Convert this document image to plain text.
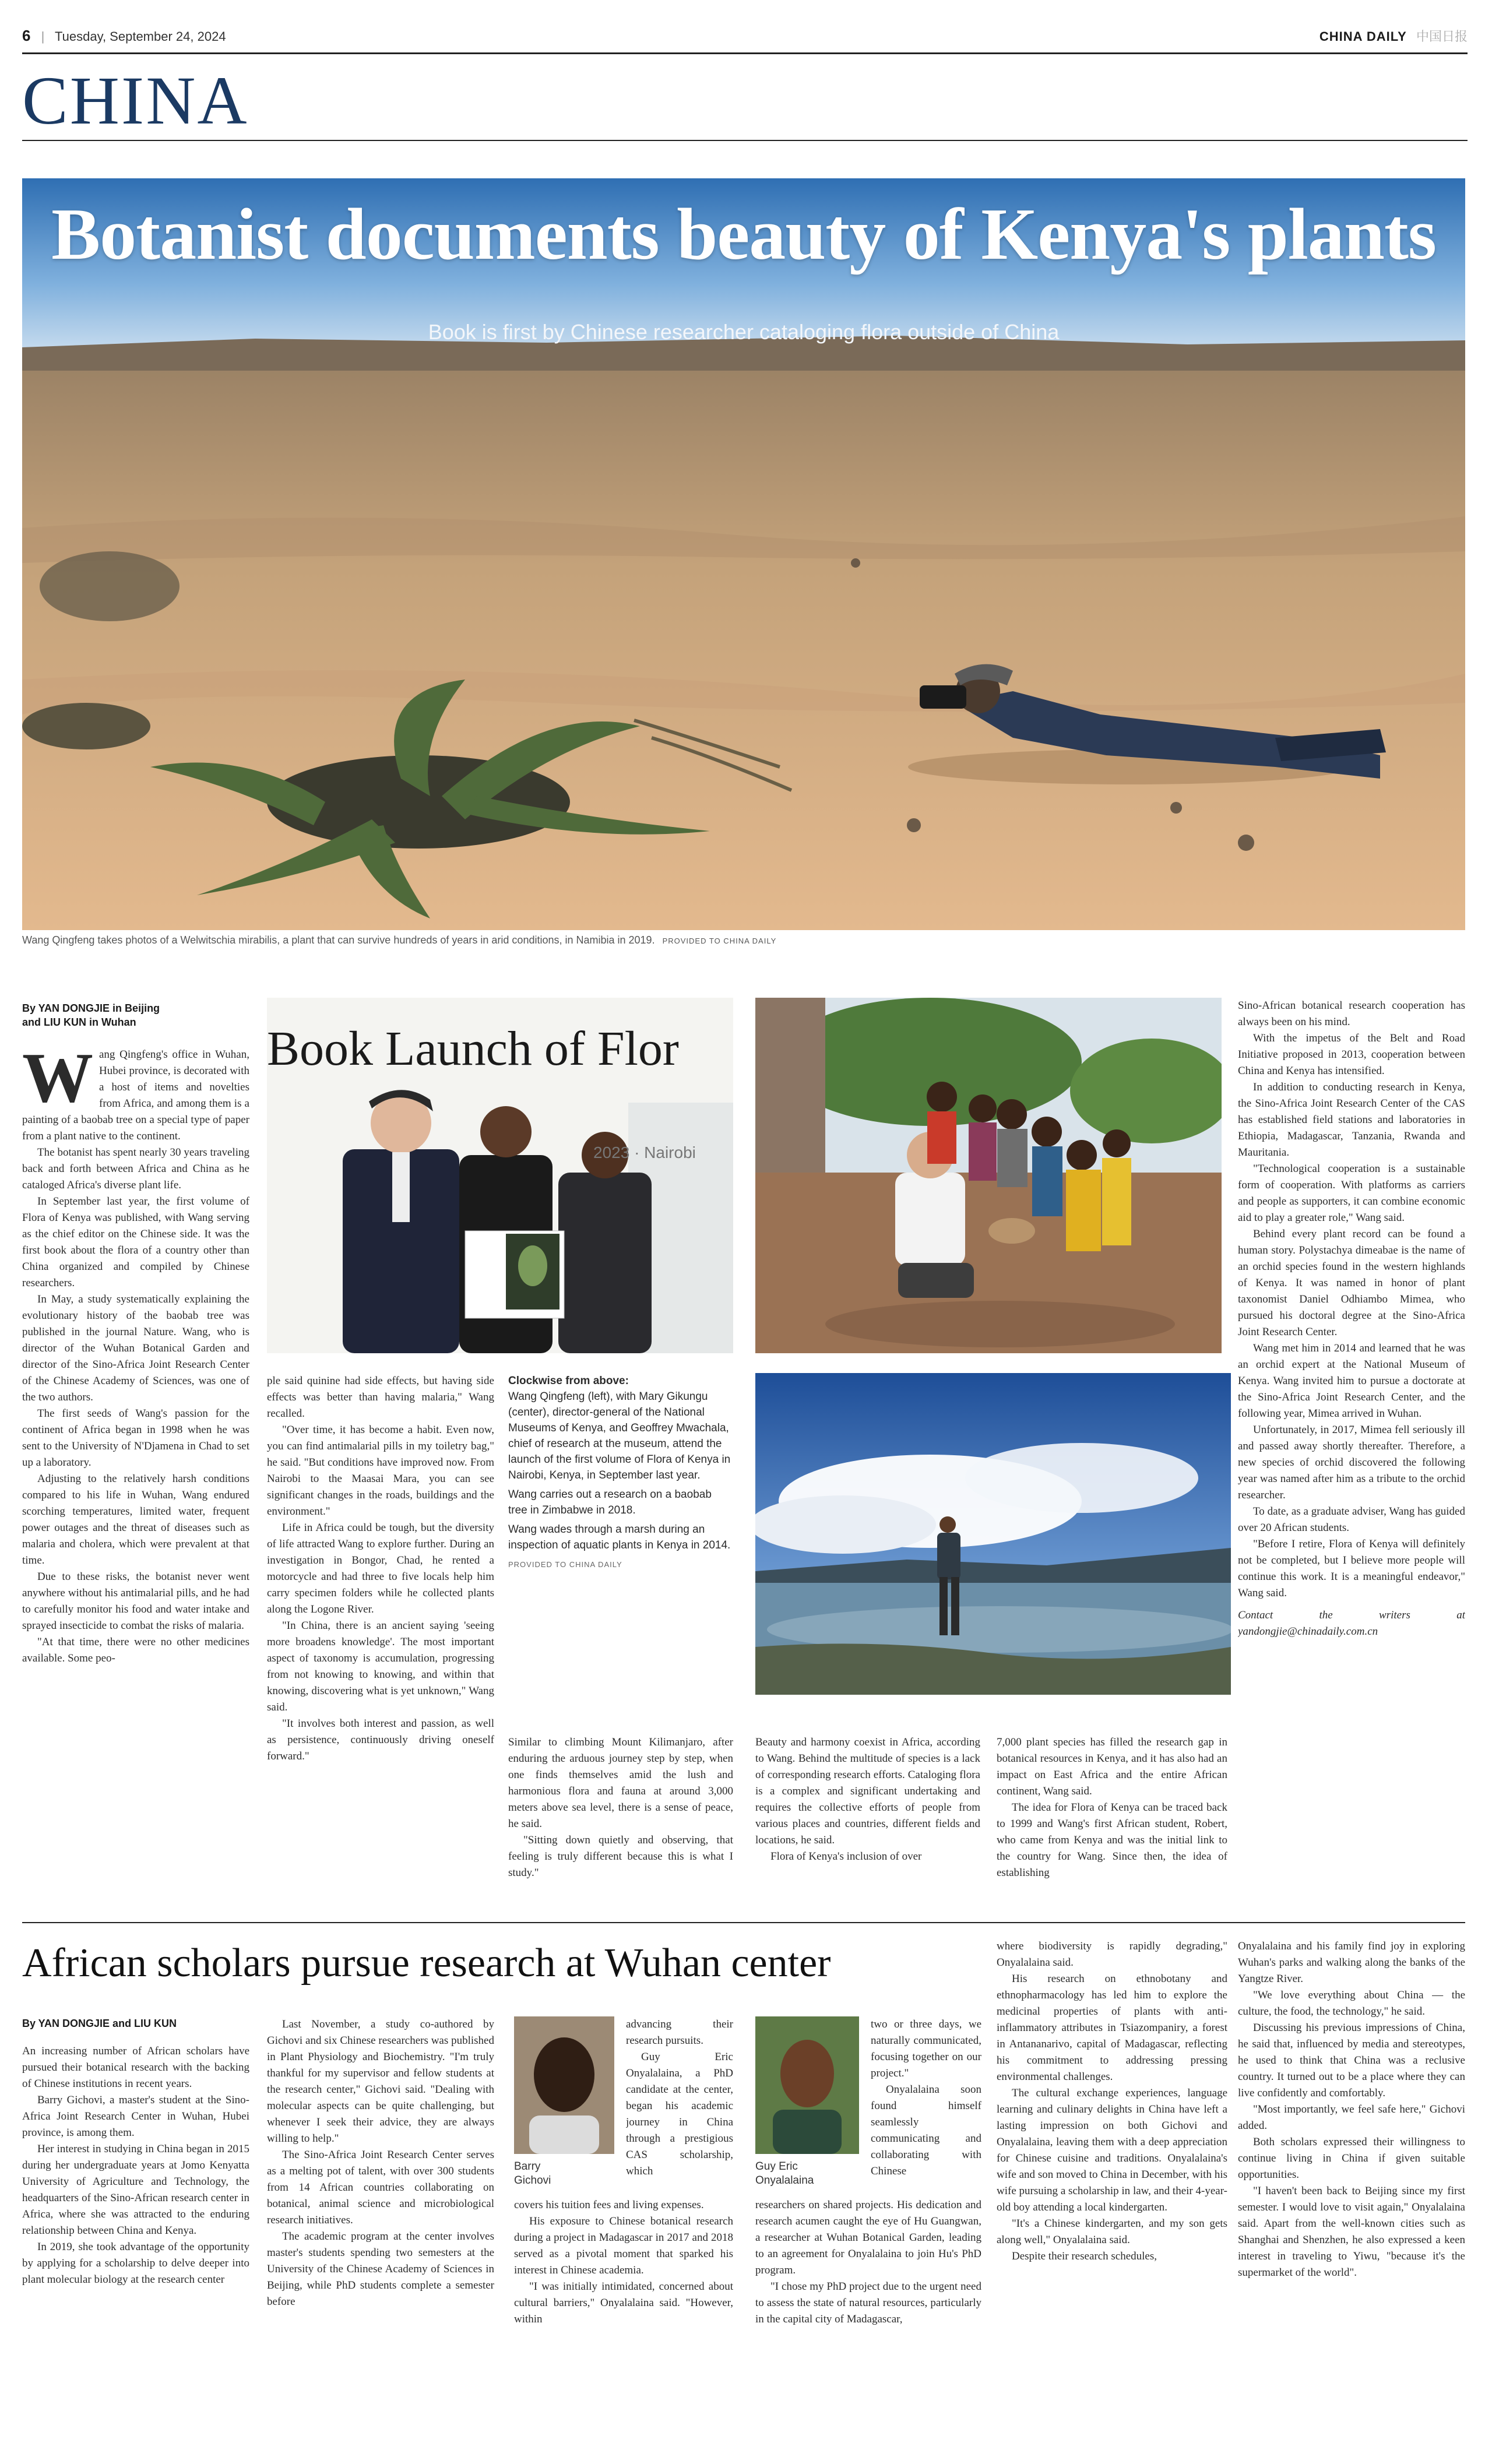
6 | Tuesday, September 24, 2024	CHINA DAILY 中国日报
CHINA
Botanist documents beauty of Kenya's plants
Book is first by Chinese researcher cataloging flora outside of China
Wang Qingfeng takes photos of a Welwitschia mirabilis, a plant that can survive hundreds of years in arid conditions, in Namibia in 2019. PROVIDED TO CHINA DAILY
By YAN DONGJIE in Beijing
and LIU KUN in Wuhan
W ang Qingfeng's office in Wuhan, Hubei province, is decorated with a host of items and novelties from Africa, and among them is a painting of a baobab tree on a special type of paper from a plant native to the continent.

The botanist has spent nearly 30 years traveling back and forth between Africa and China as he cataloged Africa's diverse plant life.

In September last year, the first volume of Flora of Kenya was published, with Wang serving as the chief editor on the Chinese side. It was the first book about the flora of a country other than China organized and compiled by Chinese researchers.

In May, a study systematically explaining the evolutionary history of the baobab tree was published in the journal Nature. Wang, who is director of the Wuhan Botanical Garden and director of the Sino-Africa Joint Research Center of the Chinese Academy of Sciences, was one of the two authors.

The first seeds of Wang's passion for the continent of Africa began in 1998 when he was sent to the University of N'Djamena in Chad to set up a laboratory.

Adjusting to the relatively harsh conditions compared to his life in Wuhan, Wang endured scorching temperatures, limited water, frequent power outages and the threat of diseases such as malaria and cholera, which were prevalent at that time.

Due to these risks, the botanist never went anywhere without his antimalarial pills, and he had to carefully monitor his food and water intake and sprayed insecticide to combat the risks of malaria.

"At that time, there were no other medicines available. Some peo-

Book Launch of Flor
2023 · Nairobi

Sino-African botanical research cooperation has always been on his mind.

With the impetus of the Belt and Road Initiative proposed in 2013, cooperation between China and Kenya has intensified.

In addition to conducting research in Kenya, the Sino-Africa Joint Research Center of the CAS has established field stations and laboratories in Ethiopia, Madagascar, Tanzania, Rwanda and Mauritania.

"Technological cooperation is a sustainable form of cooperation. With platforms as carriers and people as supporters, it can combine economic aid to play a greater role," Wang said.

Behind every plant record can be found a human story. Polystachya dimeabae is the name of an orchid species found in the western highlands of Kenya. It was named in honor of plant taxonomist Daniel Odhiambo Mimea, who pursued his doctoral degree at the Sino-Africa Joint Research Center.

Wang met him in 2014 and learned that he was an orchid expert at the National Museum of Kenya. Wang invited him to pursue a doctorate at the Sino-Africa Joint Research Center, and the following year, Mimea arrived in Wuhan.

Unfortunately, in 2017, Mimea fell seriously ill and passed away shortly thereafter. Therefore, a new species of orchid discovered the following year was named after him as a tribute to the orchid researcher.

To date, as a graduate adviser, Wang has guided over 20 African students.

"Before I retire, Flora of Kenya will definitely not be completed, but I believe more people will continue this work. It is a meaningful endeavor," Wang said.

Contact the writers at yandongjie@chinadaily.com.cn

ple said quinine had side effects, but having side effects was better than having malaria," Wang recalled.

"Over time, it has become a habit. Even now, you can find antimalarial pills in my toiletry bag," he said. "But conditions have improved now. From Nairobi to the Maasai Mara, you can see significant changes in the roads, buildings and the environment."

Life in Africa could be tough, but the diversity of life attracted Wang to explore further. During an investigation in Bongor, Chad, he rented a motorcycle and had three to five locals help him carry specimen folders while he collected plants along the Logone River.

"In China, there is an ancient saying 'seeing more broadens knowledge'. The most important aspect of taxonomy is accumulation, progressing from not knowing to knowing, and within that knowing, discovering what is yet unknown," Wang said.

"It involves both interest and passion, as well as persistence, continuously driving oneself forward."

Clockwise from above:
Wang Qingfeng (left), with Mary Gikungu (center), director-general of the National Museums of Kenya, and Geoffrey Mwachala, chief of research at the museum, attend the launch of the first volume of Flora of Kenya in Nairobi, Kenya, in September last year.
Wang carries out a research on a baobab tree in Zimbabwe in 2018.
Wang wades through a marsh during an inspection of aquatic plants in Kenya in 2014.
PROVIDED TO CHINA DAILY

Similar to climbing Mount Kilimanjaro, after enduring the arduous journey step by step, when one finds themselves amid the lush and harmonious flora and fauna at around 3,000 meters above sea level, there is a sense of peace, he said.

"Sitting down quietly and observing, that feeling is truly different because this is what I study."

Beauty and harmony coexist in Africa, according to Wang. Behind the multitude of species is a lack of corresponding research efforts. Cataloging flora is a complex and significant undertaking and requires the collective efforts of people from various places and countries, different fields and locations, he said.

Flora of Kenya's inclusion of over

7,000 plant species has filled the research gap in botanical resources in Kenya, and it has also had an impact on East Africa and the entire African continent, Wang said.

The idea for Flora of Kenya can be traced back to 1999 and Wang's first African student, Robert, who came from Kenya and was the initial link to the country for Wang. Since then, the idea of establishing

African scholars pursue research at Wuhan center
By YAN DONGJIE and LIU KUN

An increasing number of African scholars have pursued their botanical research with the backing of Chinese institutions in recent years.

Barry Gichovi, a master's student at the Sino-Africa Joint Research Center in Wuhan, Hubei province, is among them.

Her interest in studying in China began in 2015 during her undergraduate years at Jomo Kenyatta University of Agriculture and Technology, the headquarters of the Sino-African research center in Africa, where she was attracted to the enduring relationship between China and Kenya.

In 2019, she took advantage of the opportunity by applying for a scholarship to delve deeper into plant molecular biology at the research center

Last November, a study co-authored by Gichovi and six Chinese researchers was published in Plant Physiology and Biochemistry. "I'm truly thankful for my supervisor and fellow students at the research center," Gichovi said. "Dealing with molecular aspects can be quite challenging, but whenever I seek their advice, they are always willing to help."

The Sino-Africa Joint Research Center serves as a melting pot of talent, with over 300 students from 14 African countries collaborating on botanical, animal science and microbiological research initiatives.

The academic program at the center involves master's students spending two semesters at the University of the Chinese Academy of Sciences in Beijing, while PhD students complete a semester before

Barry
Gichovi

advancing their research pursuits.

Guy Eric Onyalalaina, a PhD candidate at the center, began his academic journey in China through a prestigious CAS scholarship, which

covers his tuition fees and living expenses.

His exposure to Chinese botanical research during a project in Madagascar in 2017 and 2018 served as a pivotal moment that sparked his interest in Chinese academia.

"I was initially intimidated, concerned about cultural barriers," Onyalalaina said. "However, within

Guy Eric
Onyalalaina

two or three days, we naturally communicated, focusing together on our project."

Onyalalaina soon found himself seamlessly communicating and collaborating with Chinese

researchers on shared projects. His dedication and research acumen caught the eye of Hu Guangwan, a researcher at Wuhan Botanical Garden, leading to an agreement for Onyalalaina to join Hu's PhD program.

"I chose my PhD project due to the urgent need to assess the state of natural resources, particularly in the capital city of Madagascar,

where biodiversity is rapidly degrading," Onyalalaina said.

His research on ethnobotany and ethnopharmacology has led him to explore the medicinal properties of plants with anti-inflammatory attributes in Tsiazompaniry, a forest in Antananarivo, capital of Madagascar, reflecting his commitment to addressing pressing environmental challenges.

The cultural exchange experiences, language learning and culinary delights in China have left a lasting impression on both Gichovi and Onyalalaina, leaving them with a deep appreciation for Chinese cuisine and traditions. Onyalalaina's wife and son moved to China in December, with his wife pursuing a scholarship in law, and their 4-year-old boy attending a local kindergarten.

"It's a Chinese kindergarten, and my son gets along well," Onyalalaina said.

Despite their research schedules,

Onyalalaina and his family find joy in exploring Wuhan's parks and walking along the banks of the Yangtze River.

"We love everything about China — the culture, the food, the technology," he said.

Discussing his previous impressions of China, he said that, influenced by media and stereotypes, he used to think that China was a reclusive country. It turned out to be a place where they can live confidently and comfortably.

"Most importantly, we feel safe here," Gichovi added.

Both scholars expressed their willingness to continue living in China if given suitable opportunities.

"I haven't been back to Beijing since my first semester. I would love to visit again," Onyalalaina said. Apart from the well-known cities such as Shanghai and Shenzhen, he also expressed a keen interest in traveling to Yiwu, "because it's the supermarket of the world".
